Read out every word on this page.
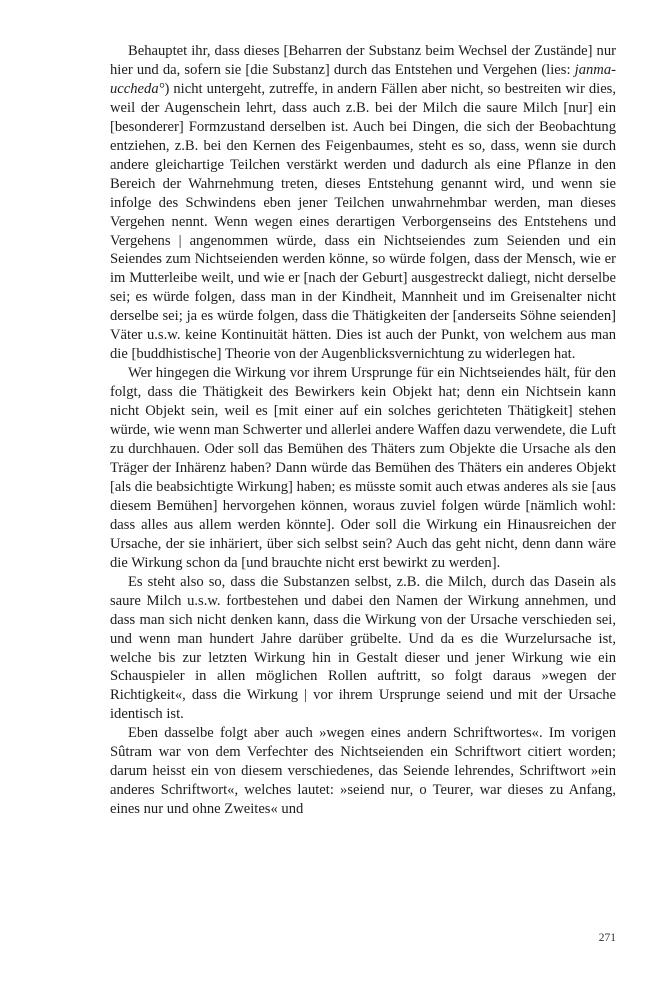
Behauptet ihr, dass dieses [Beharren der Substanz beim Wechsel der Zustände] nur hier und da, sofern sie [die Substanz] durch das Entstehen und Vergehen (lies: janma-uccheda°) nicht untergeht, zutreffe, in andern Fällen aber nicht, so bestreiten wir dies, weil der Augenschein lehrt, dass auch z.B. bei der Milch die saure Milch [nur] ein [besonderer] Formzustand derselben ist. Auch bei Dingen, die sich der Beobachtung entziehen, z.B. bei den Kernen des Feigenbaumes, steht es so, dass, wenn sie durch andere gleichartige Teilchen verstärkt werden und dadurch als eine Pflanze in den Bereich der Wahrnehmung treten, dieses Entstehung genannt wird, und wenn sie infolge des Schwindens eben jener Teilchen unwahrnehmbar werden, man dieses Vergehen nennt. Wenn wegen eines derartigen Verborgenseins des Entstehens und Vergehens | angenommen würde, dass ein Nichtseiendes zum Seienden und ein Seiendes zum Nichtseienden werden könne, so würde folgen, dass der Mensch, wie er im Mutterleibe weilt, und wie er [nach der Geburt] ausgestreckt daliegt, nicht derselbe sei; es würde folgen, dass man in der Kindheit, Mannheit und im Greisenalter nicht derselbe sei; ja es würde folgen, dass die Thätigkeiten der [anderseits Söhne seienden] Väter u.s.w. keine Kontinuität hätten. Dies ist auch der Punkt, von welchem aus man die [buddhistische] Theorie von der Augenblicksvernichtung zu widerlegen hat.

Wer hingegen die Wirkung vor ihrem Ursprunge für ein Nichtseiendes hält, für den folgt, dass die Thätigkeit des Bewirkers kein Objekt hat; denn ein Nichtsein kann nicht Objekt sein, weil es [mit einer auf ein solches gerichteten Thätigkeit] stehen würde, wie wenn man Schwerter und allerlei andere Waffen dazu verwendete, die Luft zu durchhauen. Oder soll das Bemühen des Thäters zum Objekte die Ursache als den Träger der Inhärenz haben? Dann würde das Bemühen des Thäters ein anderes Objekt [als die beabsichtigte Wirkung] haben; es müsste somit auch etwas anderes als sie [aus diesem Bemühen] hervorgehen können, woraus zuviel folgen würde [nämlich wohl: dass alles aus allem werden könnte]. Oder soll die Wirkung ein Hinausreichen der Ursache, der sie inhäriert, über sich selbst sein? Auch das geht nicht, denn dann wäre die Wirkung schon da [und brauchte nicht erst bewirkt zu werden].

Es steht also so, dass die Substanzen selbst, z.B. die Milch, durch das Dasein als saure Milch u.s.w. fortbestehen und dabei den Namen der Wirkung annehmen, und dass man sich nicht denken kann, dass die Wirkung von der Ursache verschieden sei, und wenn man hundert Jahre darüber grübelte. Und da es die Wurzelursache ist, welche bis zur letzten Wirkung hin in Gestalt dieser und jener Wirkung wie ein Schauspieler in allen möglichen Rollen auftritt, so folgt daraus »wegen der Richtigkeit«, dass die Wirkung | vor ihrem Ursprunge seiend und mit der Ursache identisch ist.

Eben dasselbe folgt aber auch »wegen eines andern Schriftwortes«. Im vorigen Sûtram war von dem Verfechter des Nichtseienden ein Schriftwort citiert worden; darum heisst ein von diesem verschiedenes, das Seiende lehrendes, Schriftwort »ein anderes Schriftwort«, welches lautet: »seiend nur, o Teurer, war dieses zu Anfang, eines nur und ohne Zweites« und

271
